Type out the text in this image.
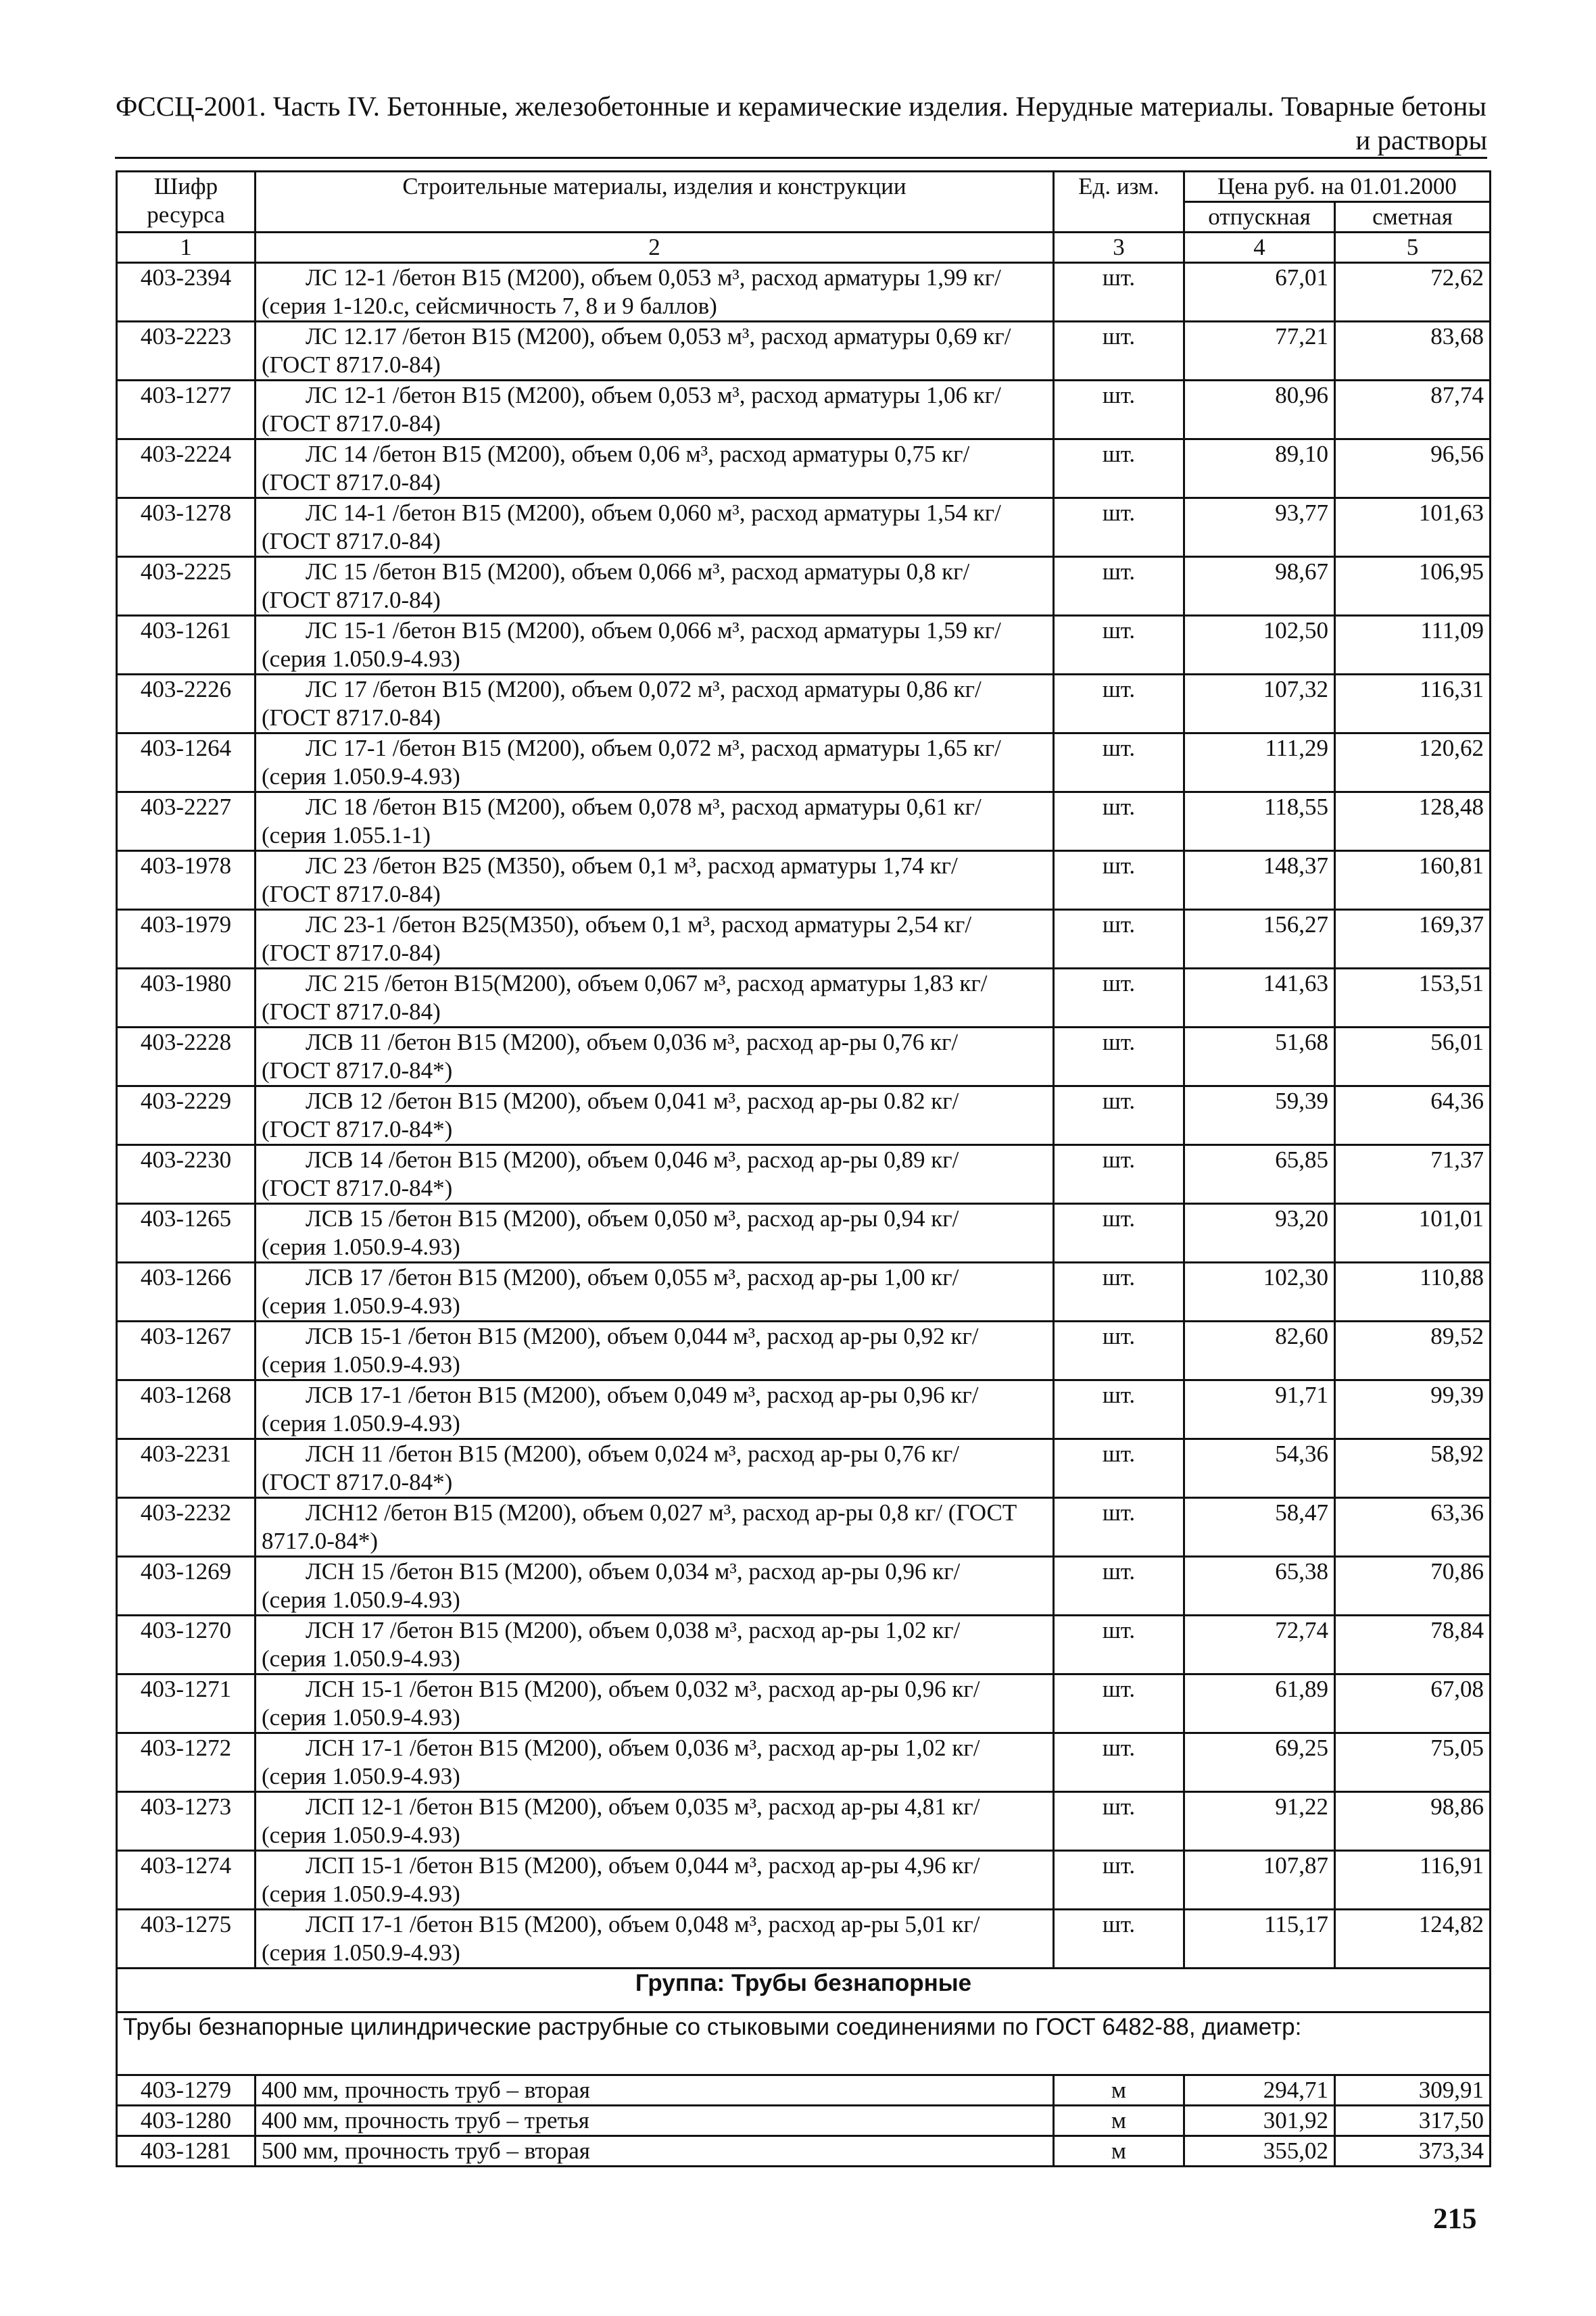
ФССЦ-2001. Часть IV. Бетонные, железобетонные и керамические изделия. Нерудные материалы. Товарные бетоны
и растворы
Шифр ресурса	Строительные материалы, изделия и конструкции	Ед. изм.	Цена руб. на 01.01.2000	
			отпускная	сметная
1	2	3	4	5
403-2394	ЛС 12-1 /бетон В15 (М200), объем 0,053 м³, расход арматуры 1,99 кг/
(серия 1-120.с, сейсмичность 7, 8 и 9 баллов)	шт.	67,01	72,62
403-2223	ЛС 12.17 /бетон В15 (М200), объем 0,053 м³, расход арматуры 0,69 кг/
(ГОСТ 8717.0-84)	шт.	77,21	83,68
403-1277	ЛС 12-1 /бетон В15 (М200), объем 0,053 м³, расход арматуры 1,06 кг/
(ГОСТ 8717.0-84)	шт.	80,96	87,74
403-2224	ЛС 14 /бетон В15 (М200), объем 0,06 м³, расход арматуры 0,75 кг/
(ГОСТ 8717.0-84)	шт.	89,10	96,56
403-1278	ЛС 14-1 /бетон В15 (М200), объем 0,060 м³, расход арматуры 1,54 кг/
(ГОСТ 8717.0-84)	шт.	93,77	101,63
403-2225	ЛС 15 /бетон В15 (М200), объем 0,066 м³, расход арматуры 0,8 кг/
(ГОСТ 8717.0-84)	шт.	98,67	106,95
403-1261	ЛС 15-1 /бетон В15 (М200), объем 0,066 м³, расход арматуры 1,59 кг/
(серия 1.050.9-4.93)	шт.	102,50	111,09
403-2226	ЛС 17 /бетон В15 (М200), объем 0,072 м³, расход арматуры 0,86 кг/
(ГОСТ 8717.0-84)	шт.	107,32	116,31
403-1264	ЛС 17-1 /бетон В15 (М200), объем 0,072 м³, расход арматуры 1,65 кг/
(серия 1.050.9-4.93)	шт.	111,29	120,62
403-2227	ЛС 18 /бетон В15 (М200), объем 0,078 м³, расход арматуры 0,61 кг/
(серия 1.055.1-1)	шт.	118,55	128,48
403-1978	ЛС 23 /бетон В25 (М350), объем 0,1 м³, расход арматуры 1,74 кг/
(ГОСТ 8717.0-84)	шт.	148,37	160,81
403-1979	ЛС 23-1 /бетон В25(М350), объем 0,1 м³, расход арматуры 2,54 кг/
(ГОСТ 8717.0-84)	шт.	156,27	169,37
403-1980	ЛС 215 /бетон В15(М200), объем 0,067 м³, расход арматуры 1,83 кг/
(ГОСТ 8717.0-84)	шт.	141,63	153,51
403-2228	ЛСВ 11 /бетон В15 (М200), объем 0,036 м³, расход ар-ры 0,76 кг/
(ГОСТ 8717.0-84*)	шт.	51,68	56,01
403-2229	ЛСВ 12 /бетон В15 (М200), объем 0,041 м³, расход ар-ры 0.82 кг/
(ГОСТ 8717.0-84*)	шт.	59,39	64,36
403-2230	ЛСВ 14 /бетон В15 (М200), объем 0,046 м³, расход ар-ры 0,89 кг/
(ГОСТ 8717.0-84*)	шт.	65,85	71,37
403-1265	ЛСВ 15 /бетон В15 (М200), объем 0,050 м³, расход ар-ры 0,94 кг/
(серия 1.050.9-4.93)	шт.	93,20	101,01
403-1266	ЛСВ 17 /бетон В15 (М200), объем 0,055 м³, расход ар-ры 1,00 кг/
(серия 1.050.9-4.93)	шт.	102,30	110,88
403-1267	ЛСВ 15-1 /бетон В15 (М200), объем 0,044 м³, расход ар-ры 0,92 кг/
(серия 1.050.9-4.93)	шт.	82,60	89,52
403-1268	ЛСВ 17-1 /бетон В15 (М200), объем 0,049 м³, расход ар-ры 0,96 кг/
(серия 1.050.9-4.93)	шт.	91,71	99,39
403-2231	ЛСН 11 /бетон В15 (М200), объем 0,024 м³, расход ар-ры 0,76 кг/
(ГОСТ 8717.0-84*)	шт.	54,36	58,92
403-2232	ЛСН12 /бетон В15 (М200), объем 0,027 м³, расход ар-ры 0,8 кг/ (ГОСТ
8717.0-84*)	шт.	58,47	63,36
403-1269	ЛСН 15 /бетон В15 (М200), объем 0,034 м³, расход ар-ры 0,96 кг/
(серия 1.050.9-4.93)	шт.	65,38	70,86
403-1270	ЛСН 17 /бетон В15 (М200), объем 0,038 м³, расход ар-ры 1,02 кг/
(серия 1.050.9-4.93)	шт.	72,74	78,84
403-1271	ЛСН 15-1 /бетон В15 (М200), объем 0,032 м³, расход ар-ры 0,96 кг/
(серия 1.050.9-4.93)	шт.	61,89	67,08
403-1272	ЛСН 17-1 /бетон В15 (М200), объем 0,036 м³, расход ар-ры 1,02 кг/
(серия 1.050.9-4.93)	шт.	69,25	75,05
403-1273	ЛСП 12-1 /бетон В15 (М200), объем 0,035 м³, расход ар-ры 4,81 кг/
(серия 1.050.9-4.93)	шт.	91,22	98,86
403-1274	ЛСП 15-1 /бетон В15 (М200), объем 0,044 м³, расход ар-ры 4,96 кг/
(серия 1.050.9-4.93)	шт.	107,87	116,91
403-1275	ЛСП 17-1 /бетон В15 (М200), объем 0,048 м³, расход ар-ры 5,01 кг/
(серия 1.050.9-4.93)	шт.	115,17	124,82
Группа: Трубы безнапорные				
Трубы безнапорные цилиндрические раструбные со стыковыми соединениями по ГОСТ 6482-88, диаметр:				
403-1279	400 мм, прочность труб – вторая	м	294,71	309,91
403-1280	400 мм, прочность труб – третья	м	301,92	317,50
403-1281	500 мм, прочность труб – вторая	м	355,02	373,34
215
